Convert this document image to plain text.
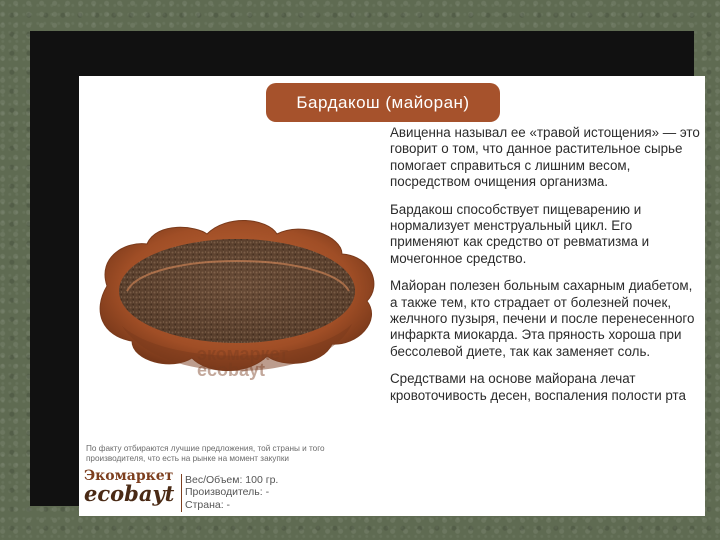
Бардакош (майоран)
экомаркет
ecobayt

Авиценна называл ее «травой истощения» — это говорит о том, что данное растительное сырье помогает справиться с лишним весом, посредством очищения организма.

Бардакош способствует пищеварению и нормализует менструальный цикл. Его применяют как средство от ревматизма и мочегонное средство.

Майоран полезен больным сахарным диабетом, а также тем, кто страдает от болезней почек, желчного пузыря, печени и после перенесенного инфаркта миокарда. Эта пряность хороша при бессолевой диете, так как заменяет соль.

Средствами на основе майорана лечат кровоточивость десен, воспаления полости рта

По факту отбираются лучшие предложения, той страны и того производителя, что есть на рынке на момент закупки
Экомаркет
ecobayt
Вес/Объем: 100 гр.
Производитель: -
Страна: -
